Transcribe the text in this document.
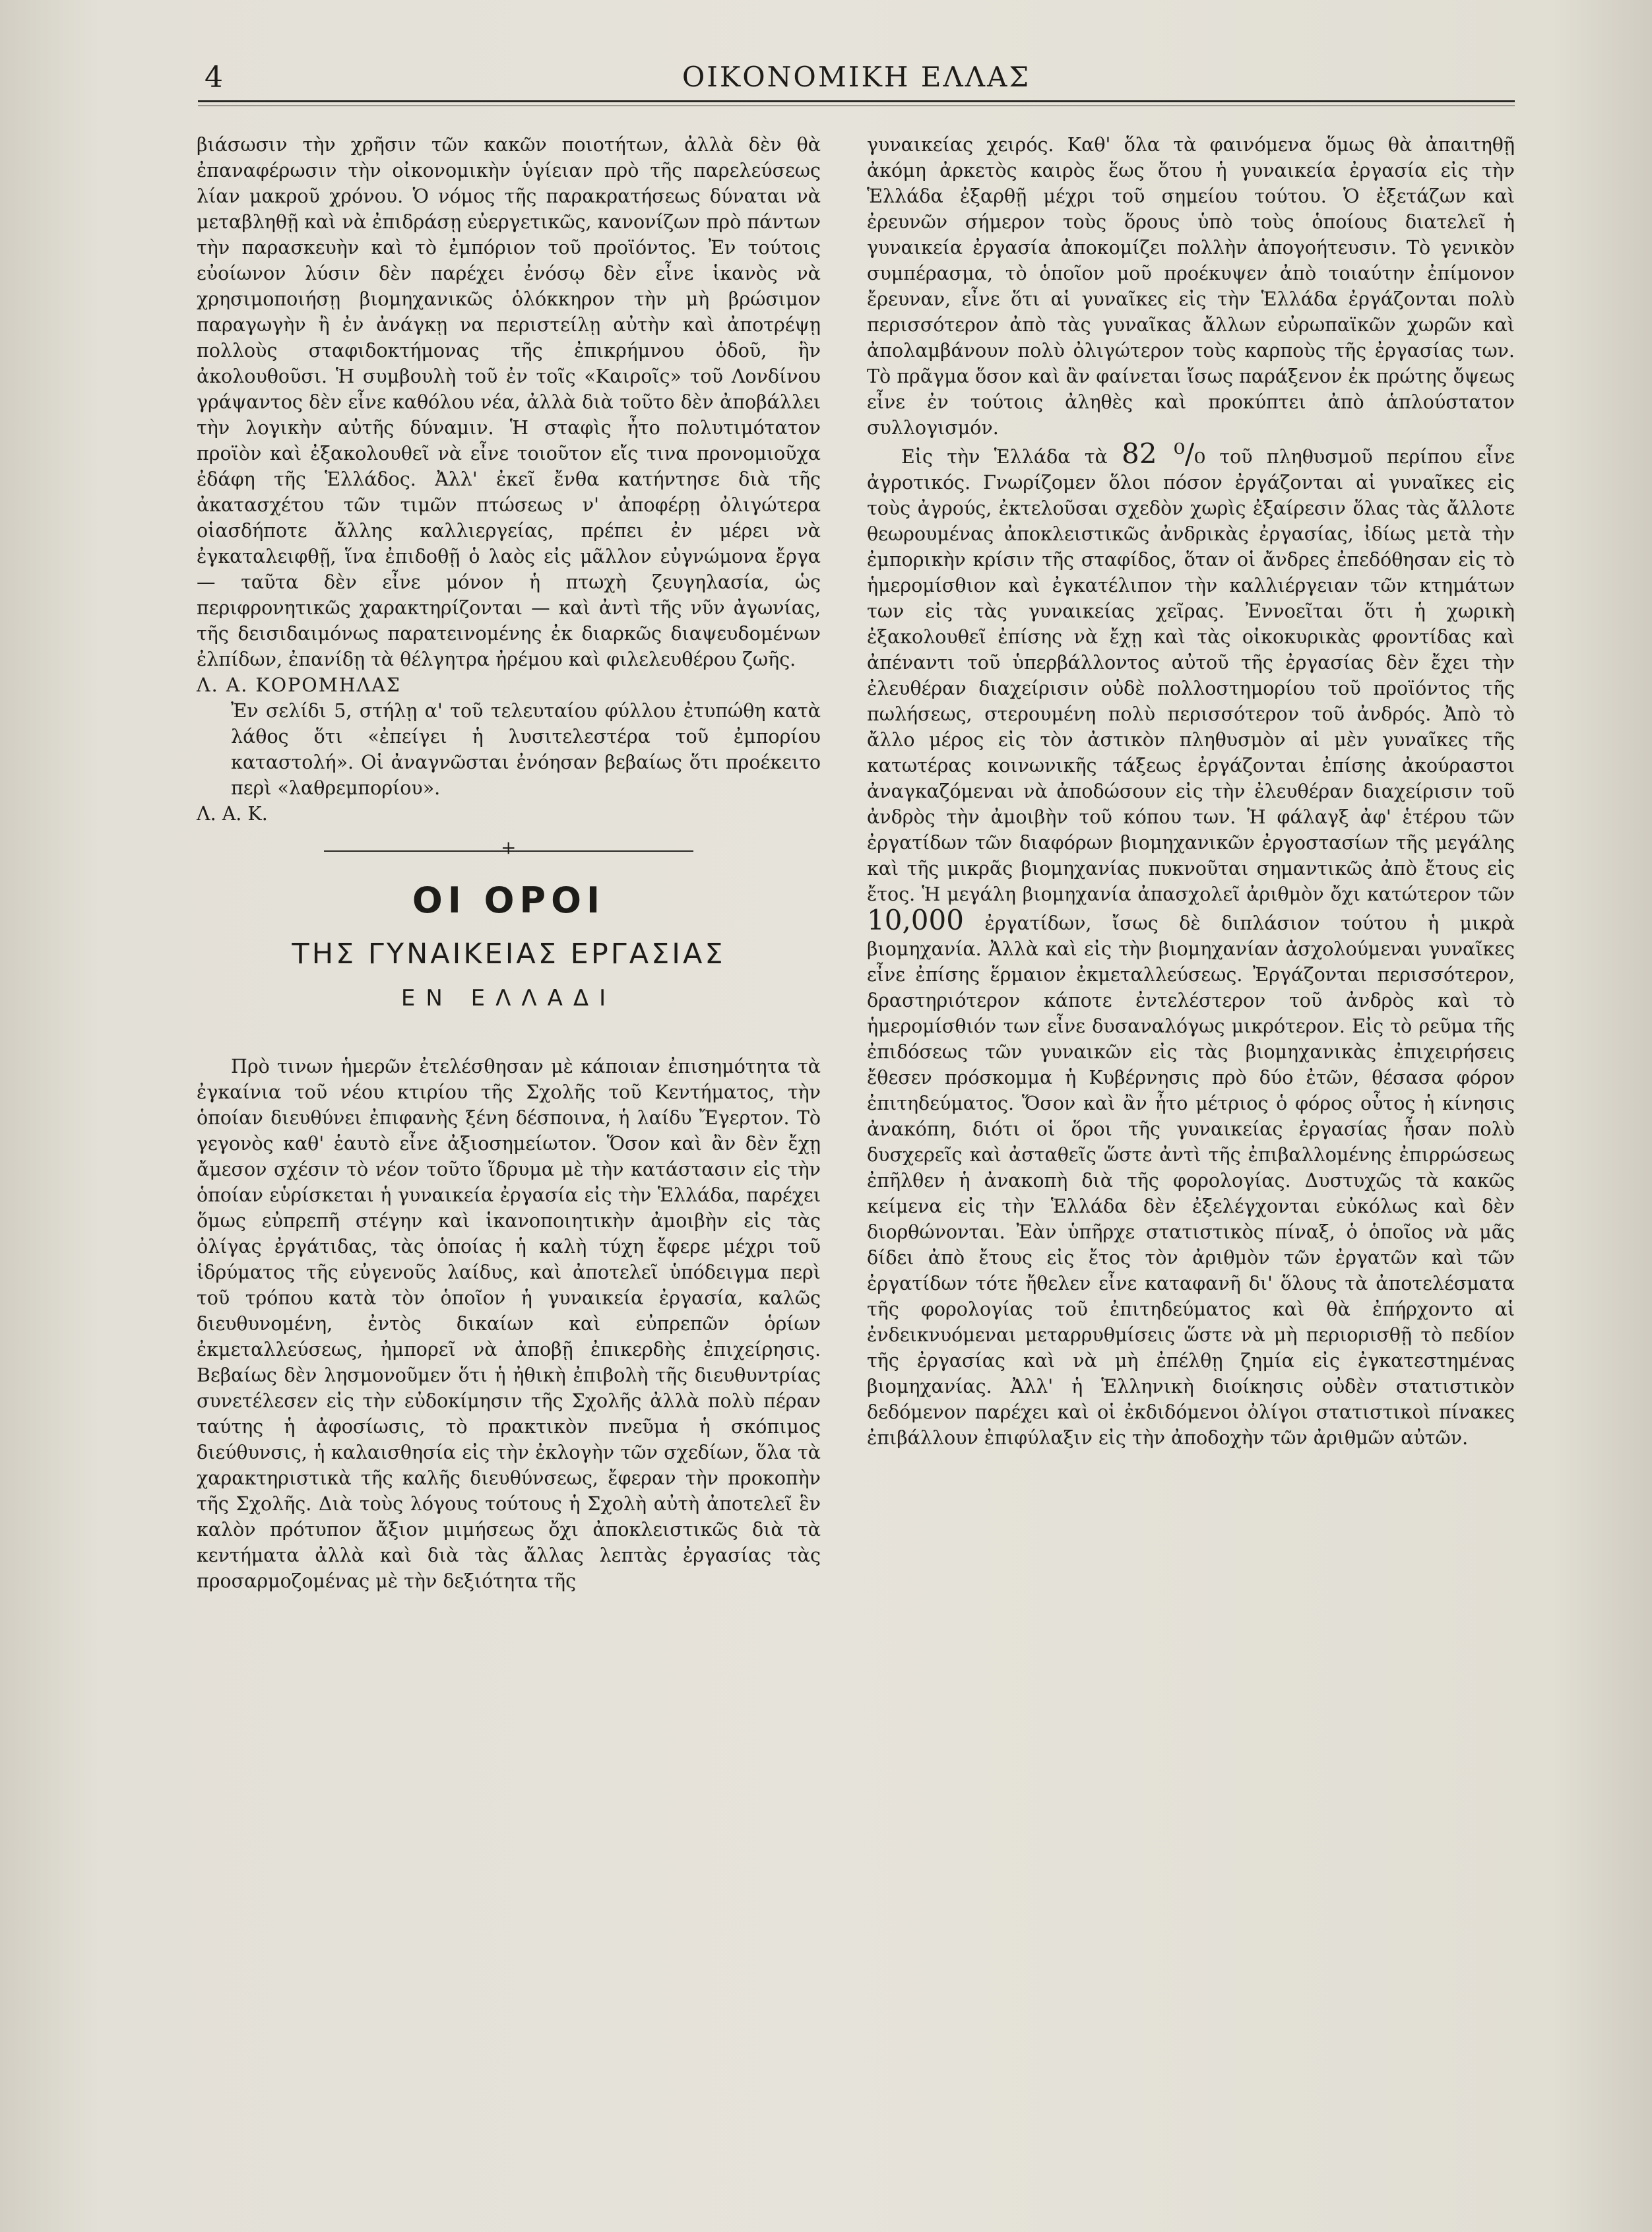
4	ΟΙΚΟΝΟΜΙΚΗ ΕΛΛΑΣ

βιάσωσιν τὴν χρῆσιν τῶν κακῶν ποιοτήτων, ἀλλὰ δὲν θὰ ἐπαναφέρωσιν τὴν οἰκονομικὴν ὑγίειαν πρὸ τῆς παρελεύσεως λίαν μακροῦ χρόνου. Ὁ νόμος τῆς παρακρατήσεως δύναται νὰ μεταβληθῇ καὶ νὰ ἐπιδράσῃ εὐεργετικῶς, κανονίζων πρὸ πάντων τὴν παρασκευὴν καὶ τὸ ἐμπόριον τοῦ προϊόντος. Ἐν τούτοις εὐοίωνον λύσιν δὲν παρέχει ἐνόσῳ δὲν εἶνε ἱκανὸς νὰ χρησιμοποιήσῃ βιομηχανικῶς ὁλόκκηρον τὴν μὴ βρώσιμον παραγωγὴν ἢ ἐν ἀνάγκῃ να περιστείλῃ αὐτὴν καὶ ἀποτρέψῃ πολλοὺς σταφιδοκτήμονας τῆς ἐπικρήμνου ὁδοῦ, ἣν ἀκολουθοῦσι. Ἡ συμβουλὴ τοῦ ἐν τοῖς «Καιροῖς» τοῦ Λονδίνου γράψαντος δὲν εἶνε καθόλου νέα, ἀλλὰ διὰ τοῦτο δὲν ἀποβάλλει τὴν λογικὴν αὐτῆς δύναμιν. Ἡ σταφὶς ἦτο πολυτιμότατον προϊὸν καὶ ἐξακολουθεῖ νὰ εἶνε τοιοῦτον εἴς τινα προνομιοῦχα ἐδάφη τῆς Ἑλλάδος. Ἀλλ' ἐκεῖ ἔνθα κατήντησε διὰ τῆς ἀκατασχέτου τῶν τιμῶν πτώσεως ν' ἀποφέρῃ ὀλιγώτερα οἱασδήποτε ἄλλης καλλιεργείας, πρέπει ἐν μέρει νὰ ἐγκαταλειφθῇ, ἵνα ἐπιδοθῇ ὁ λαὸς εἰς μᾶλλον εὐγνώμονα ἔργα — ταῦτα δὲν εἶνε μόνον ἡ πτωχὴ ζευγηλασία, ὡς περιφρονητικῶς χαρακτηρίζονται — καὶ ἀντὶ τῆς νῦν ἀγωνίας, τῆς δεισιδαιμόνως παρατεινομένης ἐκ διαρκῶς διαψευδομένων ἐλπίδων, ἐπανίδῃ τὰ θέλγητρα ἠρέμου καὶ φιλελευθέρου ζωῆς.

Λ. Α. ΚΟΡΟΜΗΛΑΣ

Ἐν σελίδι 5, στήλῃ α' τοῦ τελευταίου φύλλου ἐτυπώθη κατὰ λάθος ὅτι «ἐπείγει ἡ λυσιτελεστέρα τοῦ ἐμπορίου καταστολή». Οἱ ἀναγνῶσται ἐνόησαν βεβαίως ὅτι προέκειτο περὶ «λαθρεμπορίου».

Λ. Α. Κ.

+
ΟΙ ΟΡΟΙ
ΤΗΣ ΓΥΝΑΙΚΕΙΑΣ ΕΡΓΑΣΙΑΣ
ΕΝ ΕΛΛΑΔΙ

Πρὸ τινων ἡμερῶν ἐτελέσθησαν μὲ κάποιαν ἐπισημότητα τὰ ἐγκαίνια τοῦ νέου κτιρίου τῆς Σχολῆς τοῦ Κεντήματος, τὴν ὁποίαν διευθύνει ἐπιφανὴς ξένη δέσποινα, ἡ λαίδυ Ἔγερτον. Τὸ γεγονὸς καθ' ἑαυτὸ εἶνε ἀξιοσημείωτον. Ὅσον καὶ ἂν δὲν ἔχῃ ἄμεσον σχέσιν τὸ νέον τοῦτο ἵδρυμα μὲ τὴν κατάστασιν εἰς τὴν ὁποίαν εὑρίσκεται ἡ γυναικεία ἐργασία εἰς τὴν Ἑλλάδα, παρέχει ὅμως εὐπρεπῆ στέγην καὶ ἱκανοποιητικὴν ἀμοιβὴν εἰς τὰς ὀλίγας ἐργάτιδας, τὰς ὁποίας ἡ καλὴ τύχη ἔφερε μέχρι τοῦ ἱδρύματος τῆς εὐγενοῦς λαίδυς, καὶ ἀποτελεῖ ὑπόδειγμα περὶ τοῦ τρόπου κατὰ τὸν ὁποῖον ἡ γυναικεία ἐργασία, καλῶς διευθυνομένη, ἐντὸς δικαίων καὶ εὐπρεπῶν ὁρίων ἐκμεταλλεύσεως, ἠμπορεῖ νὰ ἀποβῇ ἐπικερδὴς ἐπιχείρησις. Βεβαίως δὲν λησμονοῦμεν ὅτι ἡ ἠθικὴ ἐπιβολὴ τῆς διευθυντρίας συνετέλεσεν εἰς τὴν εὐδοκίμησιν τῆς Σχολῆς ἀλλὰ πολὺ πέραν ταύτης ἡ ἀφοσίωσις, τὸ πρακτικὸν πνεῦμα ἡ σκόπιμος διεύθυνσις, ἡ καλαισθησία εἰς τὴν ἐκλογὴν τῶν σχεδίων, ὅλα τὰ χαρακτηριστικὰ τῆς καλῆς διευθύνσεως, ἔφεραν τὴν προκοπὴν τῆς Σχολῆς. Διὰ τοὺς λόγους τούτους ἡ Σχολὴ αὐτὴ ἀποτελεῖ ἓν καλὸν πρότυπον ἄξιον μιμήσεως ὄχι ἀποκλειστικῶς διὰ τὰ κεντήματα ἀλλὰ καὶ διὰ τὰς ἄλλας λεπτὰς ἐργασίας τὰς προσαρμοζομένας μὲ τὴν δεξιότητα τῆς

γυναικείας χειρός. Καθ' ὅλα τὰ φαινόμενα ὅμως θὰ ἀπαιτηθῇ ἀκόμη ἀρκετὸς καιρὸς ἕως ὅτου ἡ γυναικεία ἐργασία εἰς τὴν Ἑλλάδα ἐξαρθῇ μέχρι τοῦ σημείου τούτου. Ὁ ἐξετάζων καὶ ἐρευνῶν σήμερον τοὺς ὅρους ὑπὸ τοὺς ὁποίους διατελεῖ ἡ γυναικεία ἐργασία ἀποκομίζει πολλὴν ἀπογοήτευσιν. Τὸ γενικὸν συμπέρασμα, τὸ ὁποῖον μοῦ προέκυψεν ἀπὸ τοιαύτην ἐπίμονον ἔρευναν, εἶνε ὅτι αἱ γυναῖκες εἰς τὴν Ἑλλάδα ἐργάζονται πολὺ περισσότερον ἀπὸ τὰς γυναῖκας ἄλλων εὐρωπαϊκῶν χωρῶν καὶ ἀπολαμβάνουν πολὺ ὀλιγώτερον τοὺς καρποὺς τῆς ἐργασίας των. Τὸ πρᾶγμα ὅσον καὶ ἂν φαίνεται ἴσως παράξενον ἐκ πρώτης ὄψεως εἶνε ἐν τούτοις ἀληθὲς καὶ προκύπτει ἀπὸ ἁπλούστατον συλλογισμόν.

Εἰς τὴν Ἑλλάδα τὰ 82 ⁰/₀ τοῦ πληθυσμοῦ περίπου εἶνε ἀγροτικός. Γνωρίζομεν ὅλοι πόσον ἐργάζονται αἱ γυναῖκες εἰς τοὺς ἀγρούς, ἐκτελοῦσαι σχεδὸν χωρὶς ἐξαίρεσιν ὅλας τὰς ἄλλοτε θεωρουμένας ἀποκλειστικῶς ἀνδρικὰς ἐργασίας, ἰδίως μετὰ τὴν ἐμπορικὴν κρίσιν τῆς σταφίδος, ὅταν οἱ ἄνδρες ἐπεδόθησαν εἰς τὸ ἡμερομίσθιον καὶ ἐγκατέλιπον τὴν καλλιέργειαν τῶν κτημάτων των εἰς τὰς γυναικείας χεῖρας. Ἐννοεῖται ὅτι ἡ χωρικὴ ἐξακολουθεῖ ἐπίσης νὰ ἔχῃ καὶ τὰς οἰκοκυρικὰς φροντίδας καὶ ἀπέναντι τοῦ ὑπερβάλλοντος αὐτοῦ τῆς ἐργασίας δὲν ἔχει τὴν ἐλευθέραν διαχείρισιν οὐδὲ πολλοστημορίου τοῦ προϊόντος τῆς πωλήσεως, στερουμένη πολὺ περισσότερον τοῦ ἀνδρός. Ἀπὸ τὸ ἄλλο μέρος εἰς τὸν ἀστικὸν πληθυσμὸν αἱ μὲν γυναῖκες τῆς κατωτέρας κοινωνικῆς τάξεως ἐργάζονται ἐπίσης ἀκούραστοι ἀναγκαζόμεναι νὰ ἀποδώσουν εἰς τὴν ἐλευθέραν διαχείρισιν τοῦ ἀνδρὸς τὴν ἀμοιβὴν τοῦ κόπου των. Ἡ φάλαγξ ἀφ' ἑτέρου τῶν ἐργατίδων τῶν διαφόρων βιομηχανικῶν ἐργοστασίων τῆς μεγάλης καὶ τῆς μικρᾶς βιομηχανίας πυκνοῦται σημαντικῶς ἀπὸ ἔτους εἰς ἔτος. Ἡ μεγάλη βιομηχανία ἀπασχολεῖ ἀριθμὸν ὄχι κατώτερον τῶν 10,000 ἐργατίδων, ἴσως δὲ διπλάσιον τούτου ἡ μικρὰ βιομηχανία. Ἀλλὰ καὶ εἰς τὴν βιομηχανίαν ἀσχολούμεναι γυναῖκες εἶνε ἐπίσης ἕρμαιον ἐκμεταλλεύσεως. Ἐργάζονται περισσότερον, δραστηριότερον κάποτε ἐντελέστερον τοῦ ἀνδρὸς καὶ τὸ ἡμερομίσθιόν των εἶνε δυσαναλόγως μικρότερον. Εἰς τὸ ρεῦμα τῆς ἐπιδόσεως τῶν γυναικῶν εἰς τὰς βιομηχανικὰς ἐπιχειρήσεις ἔθεσεν πρόσκομμα ἡ Κυβέρνησις πρὸ δύο ἐτῶν, θέσασα φόρον ἐπιτηδεύματος. Ὅσον καὶ ἂν ἦτο μέτριος ὁ φόρος οὗτος ἡ κίνησις ἀνακόπη, διότι οἱ ὅροι τῆς γυναικείας ἐργασίας ἦσαν πολὺ δυσχερεῖς καὶ ἀσταθεῖς ὥστε ἀντὶ τῆς ἐπιβαλλομένης ἐπιρρώσεως ἐπῆλθεν ἡ ἀνακοπὴ διὰ τῆς φορολογίας. Δυστυχῶς τὰ κακῶς κείμενα εἰς τὴν Ἑλλάδα δὲν ἐξελέγχονται εὐκόλως καὶ δὲν διορθώνονται. Ἐὰν ὑπῆρχε στατιστικὸς πίναξ, ὁ ὁποῖος νὰ μᾶς δίδει ἀπὸ ἔτους εἰς ἔτος τὸν ἀριθμὸν τῶν ἐργατῶν καὶ τῶν ἐργατίδων τότε ἤθελεν εἶνε καταφανῆ δι' ὅλους τὰ ἀποτελέσματα τῆς φορολογίας τοῦ ἐπιτηδεύματος καὶ θὰ ἐπήρχοντο αἱ ἐνδεικνυόμεναι μεταρρυθμίσεις ὥστε νὰ μὴ περιορισθῇ τὸ πεδίον τῆς ἐργασίας καὶ νὰ μὴ ἐπέλθῃ ζημία εἰς ἐγκατεστημένας βιομηχανίας. Ἀλλ' ἡ Ἑλληνικὴ διοίκησις οὐδὲν στατιστικὸν δεδόμενον παρέχει καὶ οἱ ἐκδιδόμενοι ὀλίγοι στατιστικοὶ πίνακες ἐπιβάλλουν ἐπιφύλαξιν εἰς τὴν ἀποδοχὴν τῶν ἀριθμῶν αὐτῶν.
